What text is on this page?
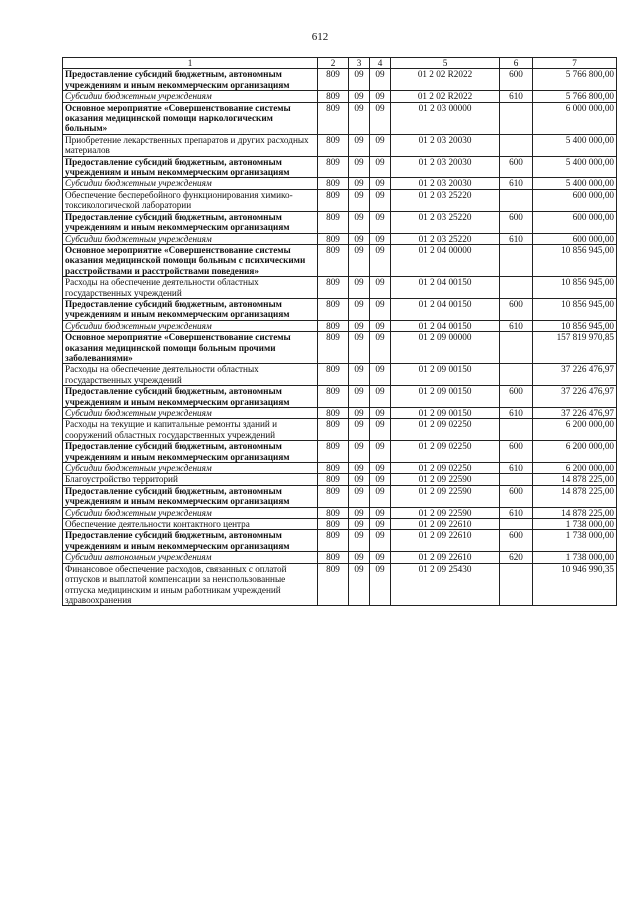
612
1	2	3	4	5	6	7
Предоставление субсидий бюджетным, автономным учреждениям и иным некоммерческим организациям	809	09	09	01 2 02 R2022	600	5 766 800,00
Субсидии бюджетным учреждениям	809	09	09	01 2 02 R2022	610	5 766 800,00
Основное мероприятие «Совершенствование системы оказания медицинской помощи наркологическим больным»	809	09	09	01 2 03 00000		6 000 000,00
Приобретение лекарственных препаратов и других расходных материалов	809	09	09	01 2 03 20030		5 400 000,00
Предоставление субсидий бюджетным, автономным учреждениям и иным некоммерческим организациям	809	09	09	01 2 03 20030	600	5 400 000,00
Субсидии бюджетным учреждениям	809	09	09	01 2 03 20030	610	5 400 000,00
Обеспечение бесперебойного функционирования химико-токсикологической лаборатории	809	09	09	01 2 03 25220		600 000,00
Предоставление субсидий бюджетным, автономным учреждениям и иным некоммерческим организациям	809	09	09	01 2 03 25220	600	600 000,00
Субсидии бюджетным учреждениям	809	09	09	01 2 03 25220	610	600 000,00
Основное мероприятие «Совершенствование системы оказания медицинской помощи больным с психическими расстройствами и расстройствами поведения»	809	09	09	01 2 04 00000		10 856 945,00
Расходы на обеспечение деятельности областных государственных учреждений	809	09	09	01 2 04 00150		10 856 945,00
Предоставление субсидий бюджетным, автономным учреждениям и иным некоммерческим организациям	809	09	09	01 2 04 00150	600	10 856 945,00
Субсидии бюджетным учреждениям	809	09	09	01 2 04 00150	610	10 856 945,00
Основное мероприятие «Совершенствование системы оказания медицинской помощи больным прочими заболеваниями»	809	09	09	01 2 09 00000		157 819 970,85
Расходы на обеспечение деятельности областных государственных учреждений	809	09	09	01 2 09 00150		37 226 476,97
Предоставление субсидий бюджетным, автономным учреждениям и иным некоммерческим организациям	809	09	09	01 2 09 00150	600	37 226 476,97
Субсидии бюджетным учреждениям	809	09	09	01 2 09 00150	610	37 226 476,97
Расходы на текущие и капитальные ремонты зданий и сооружений областных государственных учреждений	809	09	09	01 2 09 02250		6 200 000,00
Предоставление субсидий бюджетным, автономным учреждениям и иным некоммерческим организациям	809	09	09	01 2 09 02250	600	6 200 000,00
Субсидии бюджетным учреждениям	809	09	09	01 2 09 02250	610	6 200 000,00
Благоустройство территорий	809	09	09	01 2 09 22590		14 878 225,00
Предоставление субсидий бюджетным, автономным учреждениям и иным некоммерческим организациям	809	09	09	01 2 09 22590	600	14 878 225,00
Субсидии бюджетным учреждениям	809	09	09	01 2 09 22590	610	14 878 225,00
Обеспечение деятельности контактного центра	809	09	09	01 2 09 22610		1 738 000,00
Предоставление субсидий бюджетным, автономным учреждениям и иным некоммерческим организациям	809	09	09	01 2 09 22610	600	1 738 000,00
Субсидии автономным учреждениям	809	09	09	01 2 09 22610	620	1 738 000,00
Финансовое обеспечение расходов, связанных с оплатой отпусков и выплатой компенсации за неиспользованные отпуска медицинским и иным работникам учреждений здравоохранения	809	09	09	01 2 09 25430		10 946 990,35
